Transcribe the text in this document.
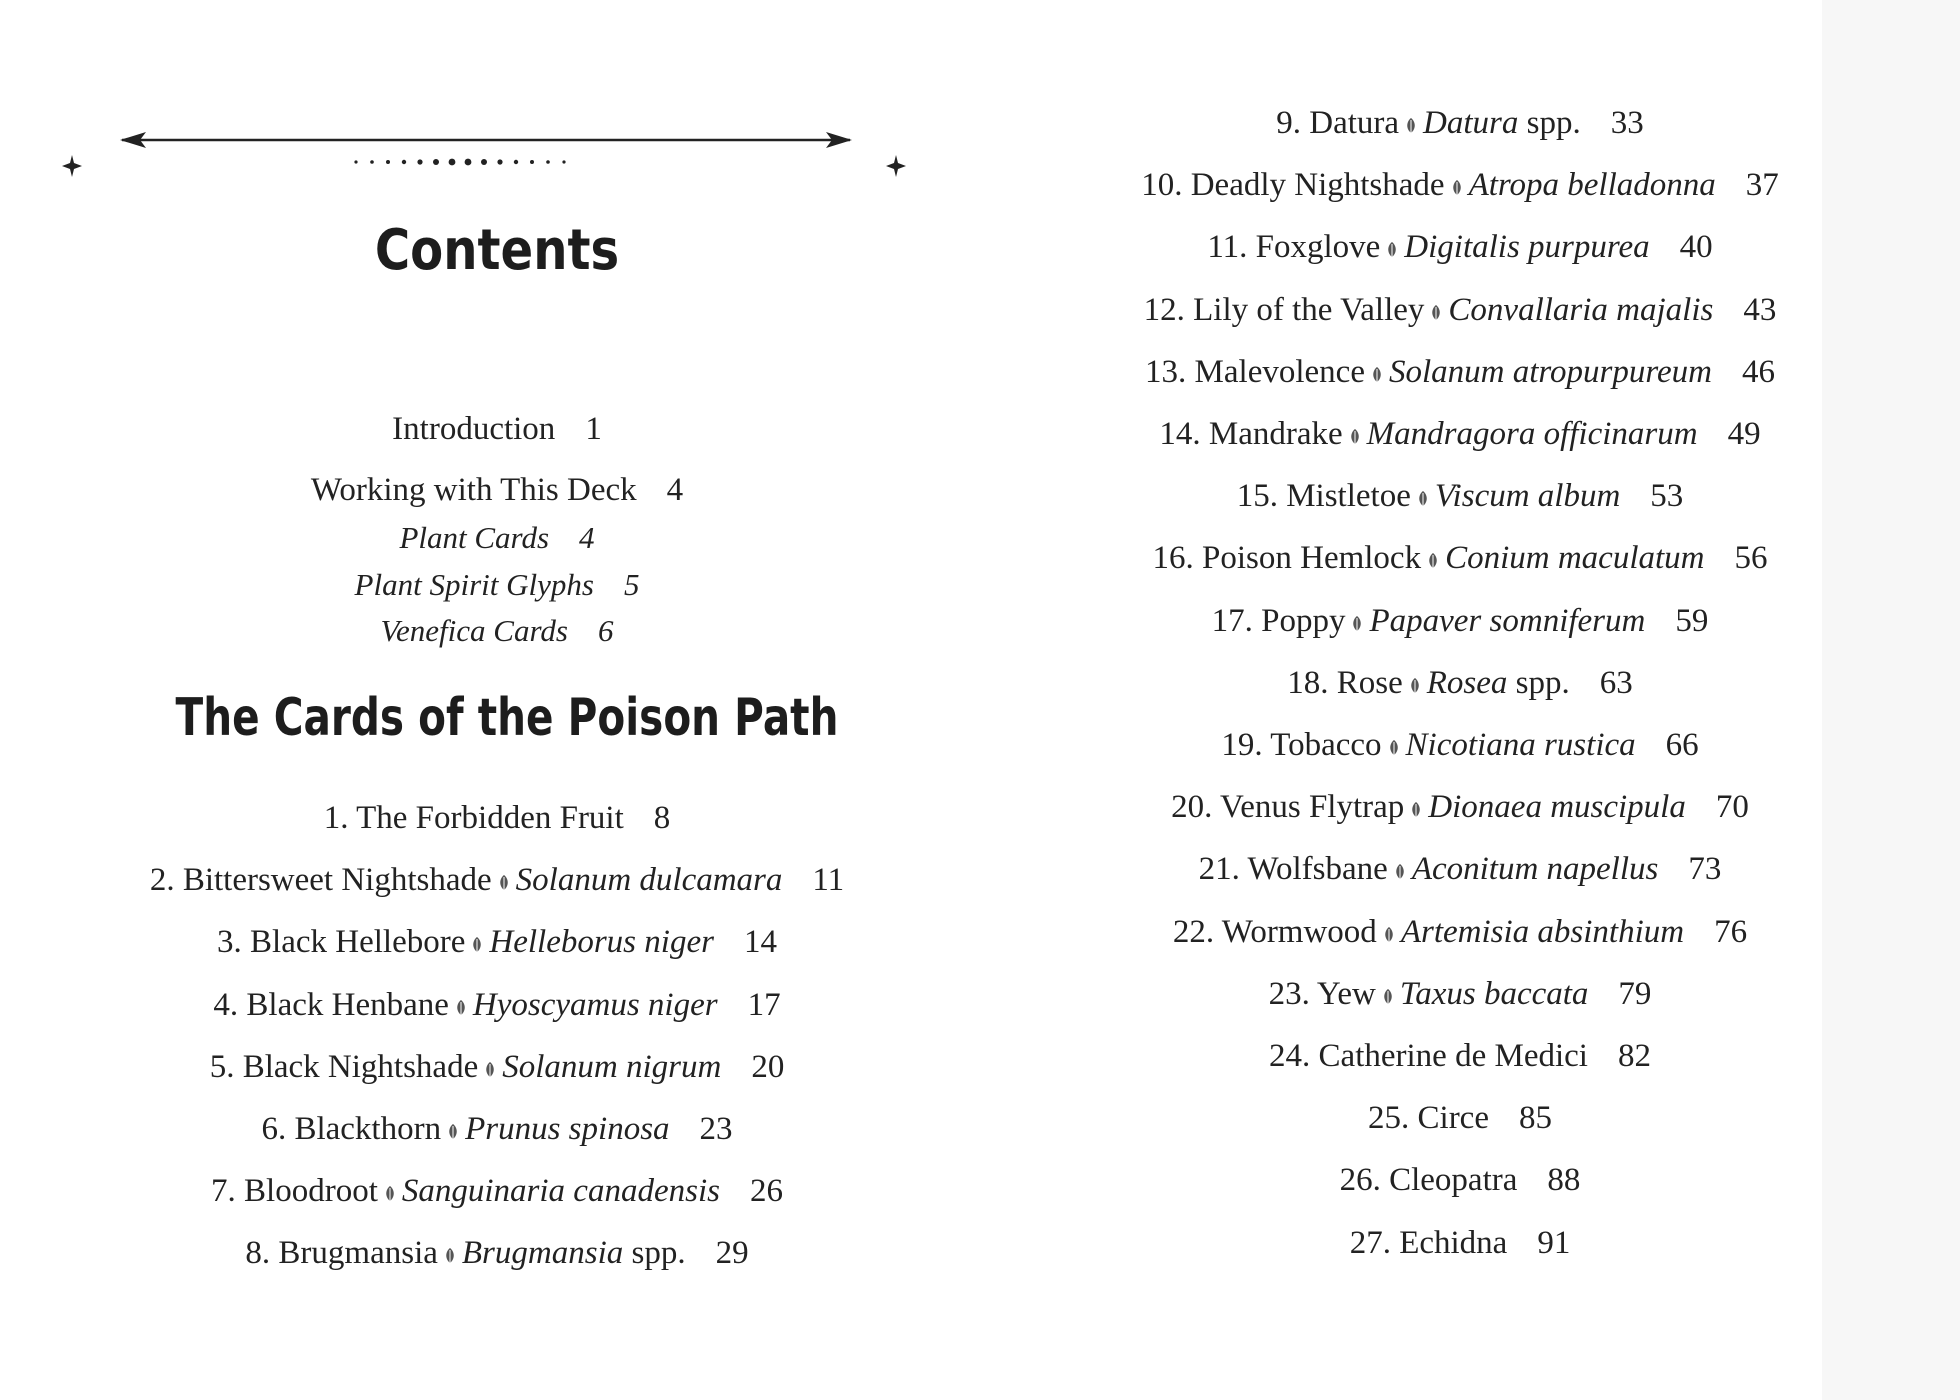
Contents
Introduction 1
Working with This Deck 4
Plant Cards 4
Plant Spirit Glyphs 5
Venefica Cards 6
The Cards of the Poison Path
1. The Forbidden Fruit 8
2. Bittersweet Nightshade Solanum dulcamara 11
3. Black Hellebore Helleborus niger 14
4. Black Henbane Hyoscyamus niger 17
5. Black Nightshade Solanum nigrum 20
6. Blackthorn Prunus spinosa 23
7. Bloodroot Sanguinaria canadensis 26
8. Brugmansia Brugmansia spp. 29
9. Datura Datura spp. 33
10. Deadly Nightshade Atropa belladonna 37
11. Foxglove Digitalis purpurea 40
12. Lily of the Valley Convallaria majalis 43
13. Malevolence Solanum atropurpureum 46
14. Mandrake Mandragora officinarum 49
15. Mistletoe Viscum album 53
16. Poison Hemlock Conium maculatum 56
17. Poppy Papaver somniferum 59
18. Rose Rosea spp. 63
19. Tobacco Nicotiana rustica 66
20. Venus Flytrap Dionaea muscipula 70
21. Wolfsbane Aconitum napellus 73
22. Wormwood Artemisia absinthium 76
23. Yew Taxus baccata 79
24. Catherine de Medici 82
25. Circe 85
26. Cleopatra 88
27. Echidna 91
